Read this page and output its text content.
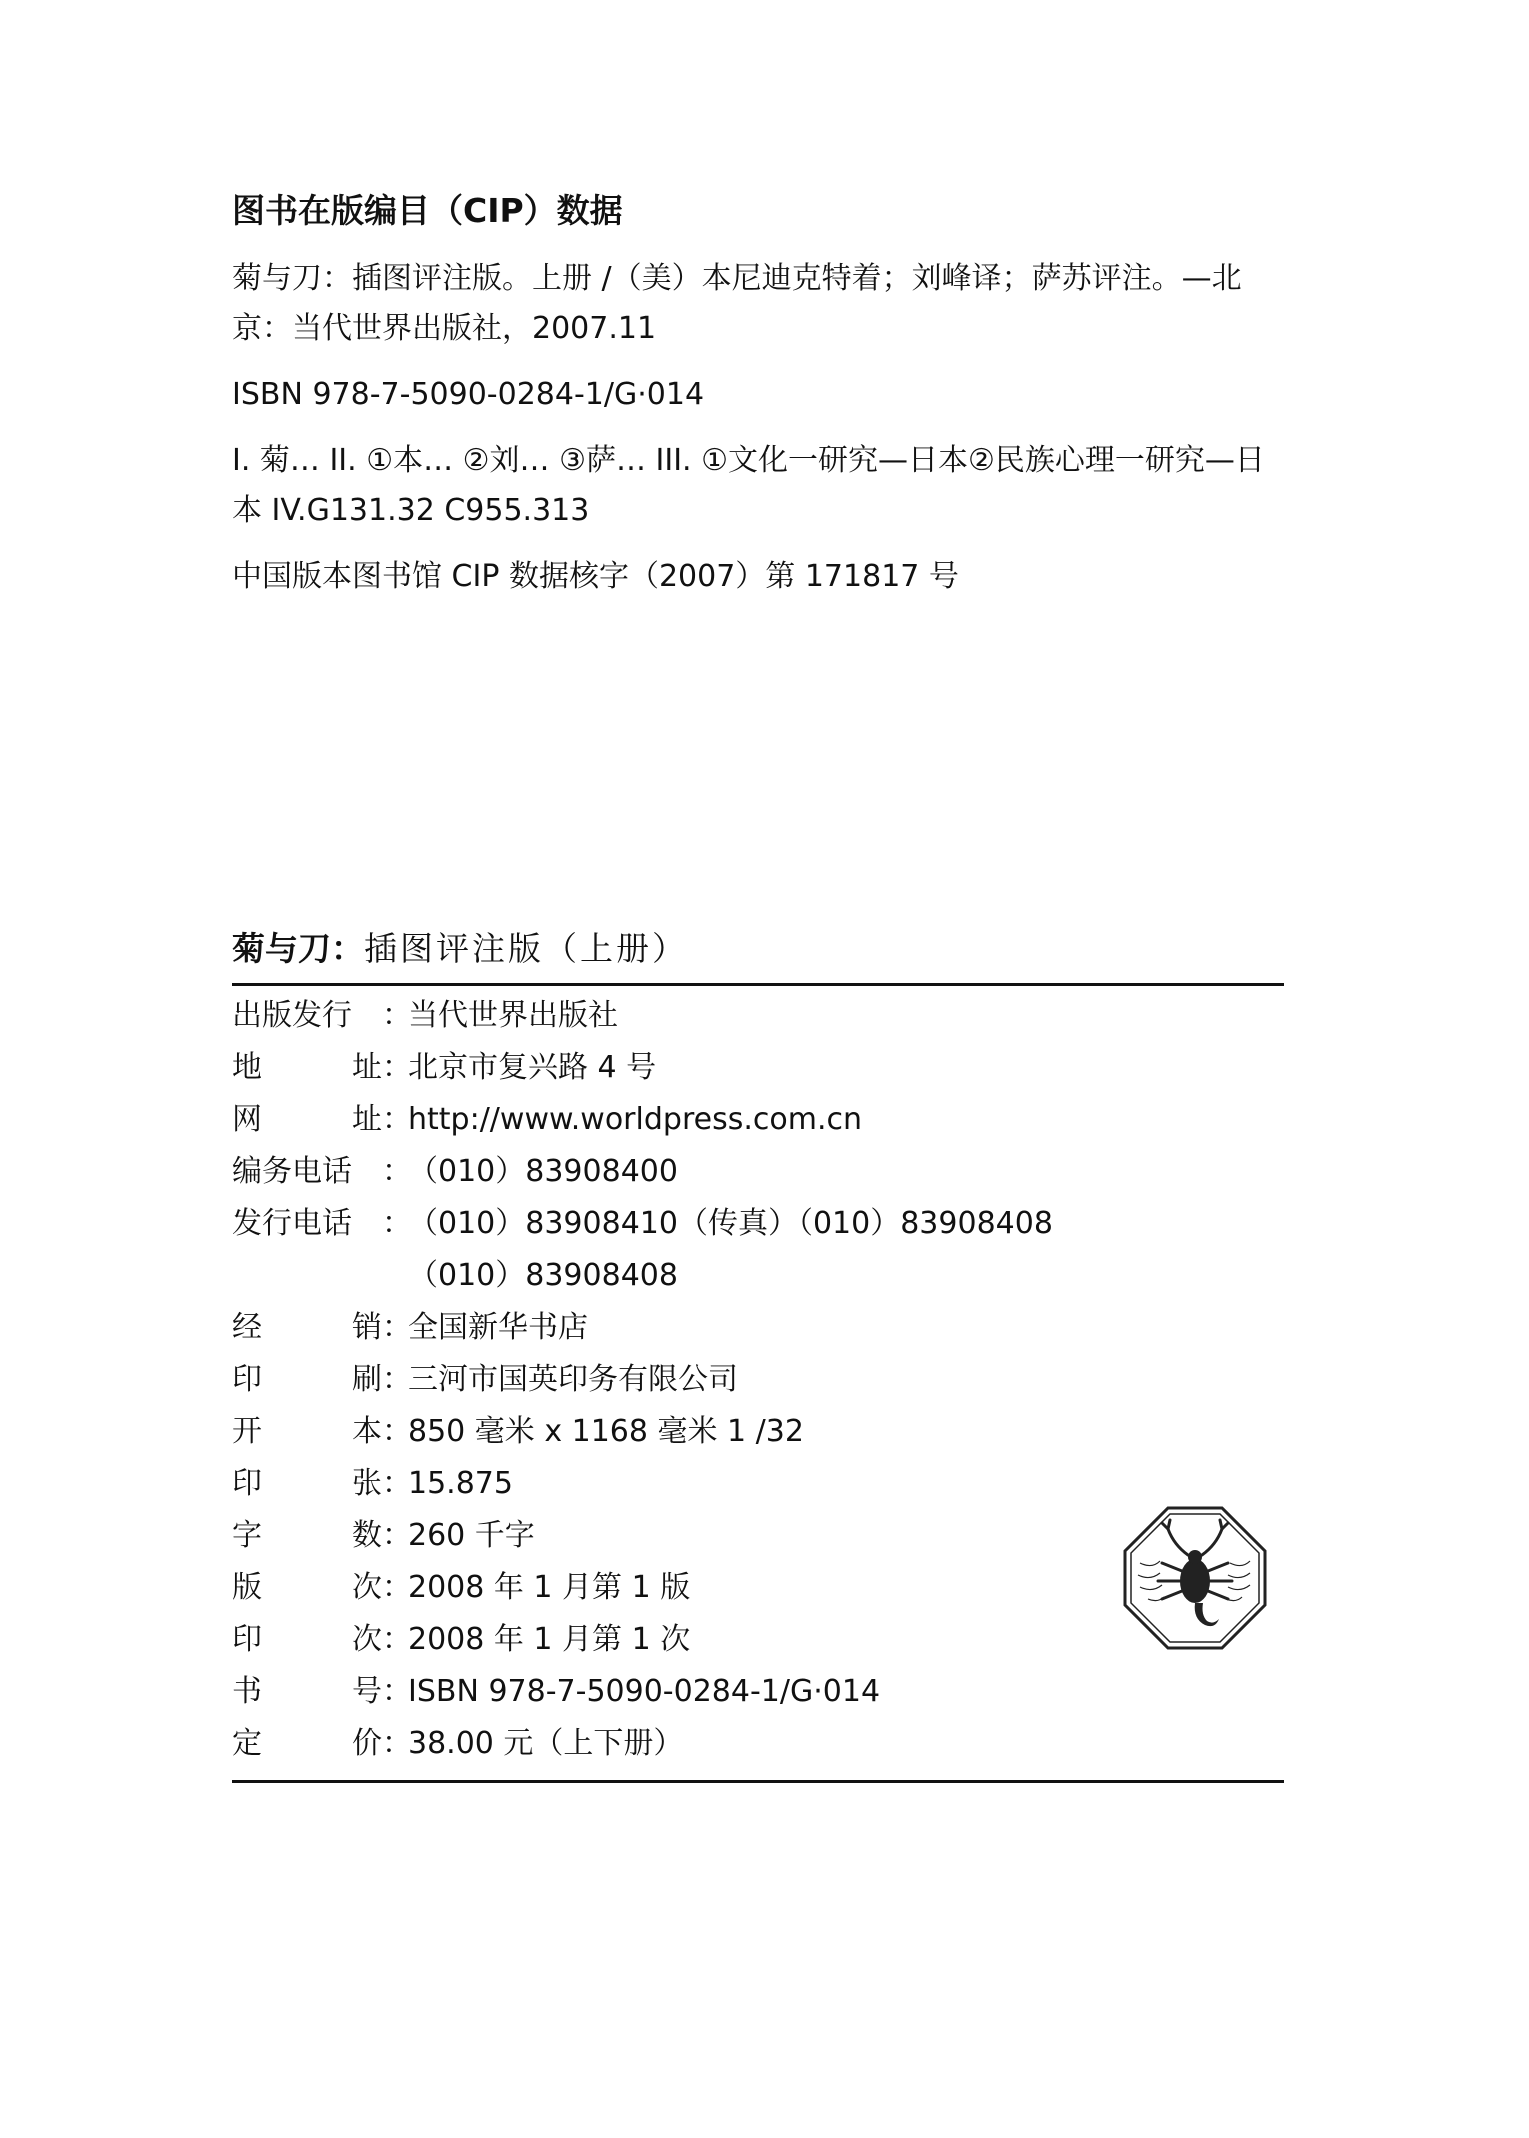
图书在版编目（CIP）数据

菊与刀：插图评注版。上册 /（美）本尼迪克特着；刘峰译；萨苏评注。—北京：当代世界出版社，2007.11

ISBN 978-7-5090-0284-1/G·014

I. 菊… II. ①本… ②刘… ③萨… III. ①文化一研究—日本②民族心理一研究—日本 IV.G131.32 C955.313

中国版本图书馆 CIP 数据核字（2007）第 171817 号

菊与刀：插图评注版（上册）
出版发行	：
当代世界出版社
地	址 ：
北京市复兴路 4 号
网	址 ：
http://www.worldpress.com.cn
编务电话	：
（010）83908400
发行电话	：
（010）83908410（传真）（010）83908408
（010）83908408
经	销 ：
全国新华书店
印	刷 ：
三河市国英印务有限公司
开	本 ：
850 毫米 x 1168 毫米 1 /32
印	张 ：
15.875
字	数 ：
260 千字
版	次 ：
2008 年 1 月第 1 版
印	次 ：
2008 年 1 月第 1 次
书	号 ：
ISBN 978-7-5090-0284-1/G·014
定	价 ：
38.00 元（上下册）
